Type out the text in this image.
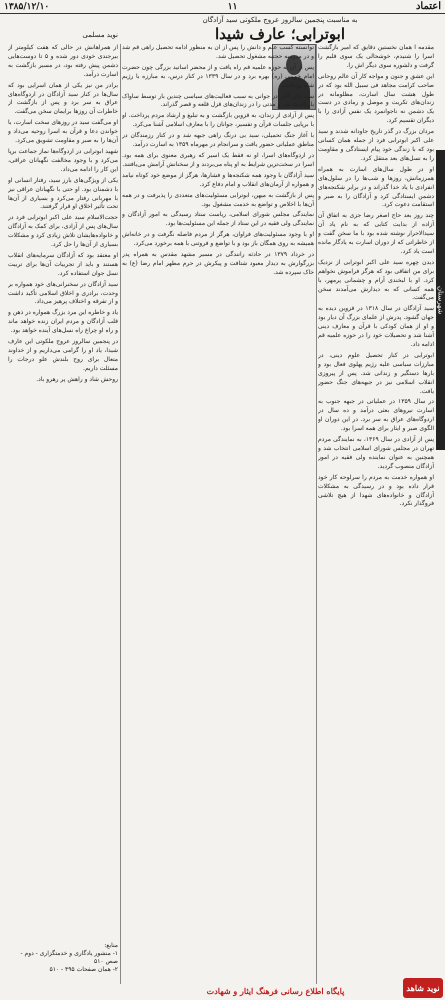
اعتماد
۱۱
۱۳۸۵/۱۲/۱۰
به مناسبت پنجمین سالروز عروج ملکوتی سید آزادگان
ابوترابی؛ عارف شیدا
نوید مسلمی

مقدمه ا همان نخستین دقایق که امیر بازگشت اسرا را شنیدم، خوشحالی یک سوی قلبم را گرفت و دلشوره سوی دیگر اش را.

این عشق و جنون و مواجه کار آن عالم روحانی صاحب کرامت مجاهد فی سبیل الله بود که در طول هشت سال اسارت، مظلومانه در زندان‌های تکریت و موصل و رمادی در دست یک دشمن نه ناجوانمرد یک نفس آزادی را با دیگران تقسیم کرد.

مردان بزرگ در گذر تاریخ جاودانه شدند و سید علی اکبر ابوترابی فرد از جمله همان کسانی بود که با زندگی خود پیام ایستادگی و مقاومت را به نسل‌های بعد منتقل کرد.

او در طول سال‌های اسارت به همراه همرزمانش، روزها و شب‌ها را در سلول‌های انفرادی با یاد خدا گذراند و در برابر شکنجه‌های دشمن ایستادگی کرد و آزادگان را به صبر و استقامت دعوت کرد.

چند روز بعد حاج اصغر رضا جزی به اتفاق آن آزاده از بدایت کتابی که به نام یاد آن سیدالاحرار نوشته شده بود با ما سخن گفت و از خاطراتی که از دوران اسارت به یادگار مانده است یاد کرد.

دیدن چهره سید علی اکبر ابوترابی از نزدیک برای من اتفاقی بود که هرگز فراموش نخواهم کرد. او با لبخندی آرام و چشمانی پرمهر، با همه کسانی که به دیدارش می‌آمدند سخن می‌گفت.

سید آزادگان در سال ۱۳۱۸ در قزوین دیده به جهان گشود. پدرش از علمای بزرگ آن دیار بود و او از همان کودکی با قرآن و معارف دینی آشنا شد و تحصیلات خود را در حوزه علمیه قم ادامه داد.

ابوترابی در کنار تحصیل علوم دینی، در مبارزات سیاسی علیه رژیم پهلوی فعال بود و بارها دستگیر و زندانی شد. پس از پیروزی انقلاب اسلامی نیز در جبهه‌های جنگ حضور یافت.

در سال ۱۳۵۹ در عملیاتی در جبهه جنوب به اسارت نیروهای بعثی درآمد و ده سال در اردوگاه‌های عراق به سر برد. در این دوران او الگوی صبر و ایثار برای همه اسرا بود.

پس از آزادی در سال ۱۳۶۹، به نمایندگی مردم تهران در مجلس شورای اسلامی انتخاب شد و همچنین به عنوان نماینده ولی فقیه در امور آزادگان منصوب گردید.

او همواره خدمت به مردم را سرلوحه کار خود قرار داده بود و در رسیدگی به مشکلات آزادگان و خانواده‌های شهدا از هیچ تلاشی فروگذار نکرد.

توانسته کسب علم و دانش را پس از آن به منظور ادامه تحصیل راهی قم شد و در مدرسه حجتیه مشغول تحصیل شد.

پس از آن به حوزه علمیه قم راه یافت و از محضر اساتید بزرگی چون حضرت امام خمینی (ره) بهره برد و در سال ۱۳۳۹ در کنار درس، به مبارزه با رژیم شاه پرداخت.

سید علی اکبر در جوانی به سبب فعالیت‌های سیاسی چندین بار توسط ساواک بازداشت شد و مدتی را در زندان‌های قزل قلعه و قصر گذراند.

پس از آزادی از زندان، به قزوین بازگشت و به تبلیغ و ارشاد مردم پرداخت. او با برپایی جلسات قرآن و تفسیر، جوانان را با معارف اسلامی آشنا می‌کرد.

با آغاز جنگ تحمیلی، سید بی درنگ راهی جبهه شد و در کنار رزمندگان در مناطق عملیاتی حضور یافت و سرانجام در مهرماه ۱۳۵۹ به اسارت درآمد.

در اردوگاه‌های اسرا، او نه فقط یک اسیر که رهبری معنوی برای همه بود. اسرا در سخت‌ترین شرایط به او پناه می‌بردند و از سخنانش آرامش می‌یافتند.

سید آزادگان با وجود همه شکنجه‌ها و فشارها، هرگز از موضع خود کوتاه نیامد و همواره از آرمان‌های انقلاب و امام دفاع کرد.

پس از بازگشت به میهن، ابوترابی مسئولیت‌های متعددی را پذیرفت و در همه آن‌ها با اخلاص و تواضع به خدمت مشغول بود.

نمایندگی مجلس شورای اسلامی، ریاست ستاد رسیدگی به امور آزادگان و نمایندگی ولی فقیه در این ستاد از جمله این مسئولیت‌ها بود.

او با وجود مسئولیت‌های فراوان، هرگز از مردم فاصله نگرفت و در خانه‌اش همیشه به روی همگان باز بود و با تواضع و فروتنی با همه برخورد می‌کرد.

در خرداد ۱۳۷۹ در حادثه رانندگی در مسیر مشهد مقدس به همراه پدر بزرگوارش به دیدار معبود شتافت و پیکرش در حرم مطهر امام رضا (ع) به خاک سپرده شد.

از همراهانش در حالی که هفت کیلومتر از بیرجندی خودی دور شده و ۵ تا دوست‌هایی دشمن پیش رفته بود، در مسیر بازگشت به اسارت درآمد.

برادر من نیز یکی از همان اسرایی بود که سال‌ها در کنار سید آزادگان در اردوگاه‌های عراق به سر برد و پس از بازگشت از خاطرات آن روزها برایمان سخن می‌گفت.

او می‌گفت سید در روزهای سخت اسارت، با خواندن دعا و قرآن به اسرا روحیه می‌داد و آن‌ها را به صبر و مقاومت تشویق می‌کرد.

شهید ابوترابی در اردوگاه‌ها نماز جماعت برپا می‌کرد و با وجود مخالفت نگهبانان عراقی، این کار را ادامه می‌داد.

یکی از ویژگی‌های بارز سید، رفتار انسانی او با دشمنان بود. او حتی با نگهبانان عراقی نیز با مهربانی رفتار می‌کرد و بسیاری از آن‌ها تحت تأثیر اخلاق او قرار گرفتند.

حجت‌الاسلام سید علی اکبر ابوترابی فرد در سال‌های پس از آزادی، برای کمک به آزادگان و خانواده‌هایشان تلاش زیادی کرد و مشکلات بسیاری از آن‌ها را حل کرد.

او معتقد بود که آزادگان سرمایه‌های انقلاب هستند و باید از تجربیات آن‌ها برای تربیت نسل جوان استفاده کرد.

سید آزادگان در سخنرانی‌های خود همواره بر وحدت، برادری و اخلاق اسلامی تأکید داشت و از تفرقه و اختلاف پرهیز می‌داد.

یاد و خاطره این مرد بزرگ همواره در ذهن و قلب آزادگان و مردم ایران زنده خواهد ماند و راه او چراغ راه نسل‌های آینده خواهد بود.

در پنجمین سالروز عروج ملکوتی این عارف شیدا، یاد او را گرامی می‌داریم و از خداوند متعال برای روح بلندش علو درجات را مسئلت داریم.

روحش شاد و راهش پر رهرو باد.

منابع:
۱- منشور یادگاری و خدمتگزاری - دوم - صص ۵۱۰
۲- همان صفحات ۴۹۵ - ۵۱۰
شهرستان
پایگاه اطلاع رسانی فرهنگ ایثار و شهادت	نوید شاهد
